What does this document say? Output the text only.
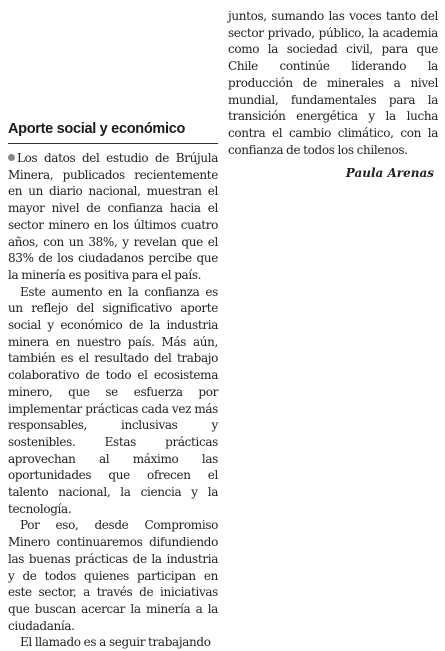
Aporte social y económico

Los datos del estudio de Brújula Minera, publicados recientemente en un diario nacional, muestran el mayor nivel de confianza hacia el sector minero en los últimos cuatro años, con un 38%, y revelan que el 83% de los ciudadanos percibe que la minería es positiva para el país.

Este aumento en la confianza es un reflejo del significativo aporte social y económico de la industria minera en nuestro país. Más aún, también es el resultado del trabajo colaborativo de todo el ecosistema minero, que se esfuerza por implementar prácticas cada vez más responsables, inclusivas y sostenibles. Estas prácticas aprovechan al máximo las oportunidades que ofrecen el talento nacional, la ciencia y la tecnología.

Por eso, desde Compromiso Minero continuaremos difundiendo las buenas prácticas de la industria y de todos quienes participan en este sector, a través de iniciativas que buscan acercar la minería a la ciudadanía.

El llamado es a seguir trabajando

juntos, sumando las voces tanto del sector privado, público, la academia como la sociedad civil, para que Chile continúe liderando la producción de minerales a nivel mundial, fundamentales para la transición energética y la lucha contra el cambio climático, con la confianza de todos los chilenos.

Paula Arenas
